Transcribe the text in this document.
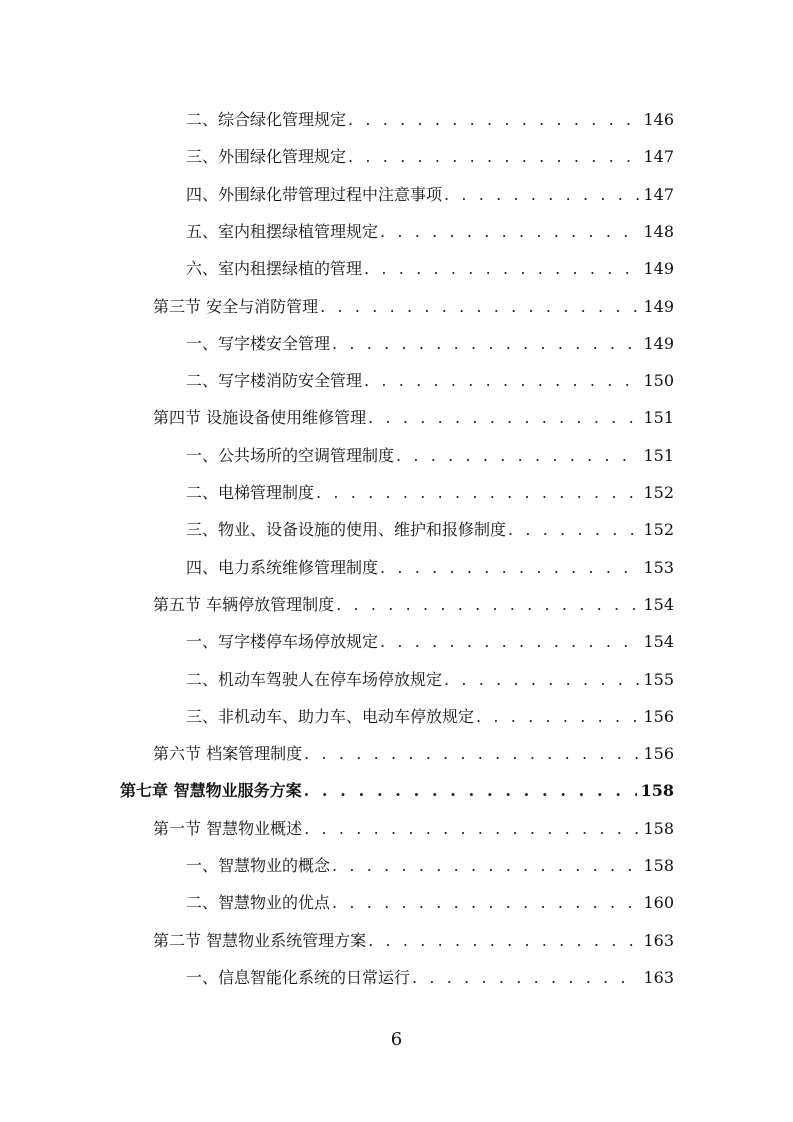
二、综合绿化管理规定 . . .	146
三、外围绿化管理规定 . . .	147
四、外围绿化带管理过程中注意事项 . . .	147
五、室内租摆绿植管理规定 . . .	148
六、室内租摆绿植的管理 . . .	149
第三节 安全与消防管理 . . .	149
一、写字楼安全管理 . . .	149
二、写字楼消防安全管理 . . .	150
第四节 设施设备使用维修管理 . . .	151
一、公共场所的空调管理制度 . . .	151
二、电梯管理制度 . . .	152
三、物业、设备设施的使用、维护和报修制度 . . .	152
四、电力系统维修管理制度 . . .	153
第五节 车辆停放管理制度 . . .	154
一、写字楼停车场停放规定 . . .	154
二、机动车驾驶人在停车场停放规定 . . .	155
三、非机动车、助力车、电动车停放规定 . . .	156
第六节 档案管理制度 . . .	156
第七章 智慧物业服务方案 . . .	158
第一节 智慧物业概述 . . .	158
一、智慧物业的概念 . . .	158
二、智慧物业的优点 . . .	160
第二节 智慧物业系统管理方案 . . .	163
一、信息智能化系统的日常运行 . . .	163
6
